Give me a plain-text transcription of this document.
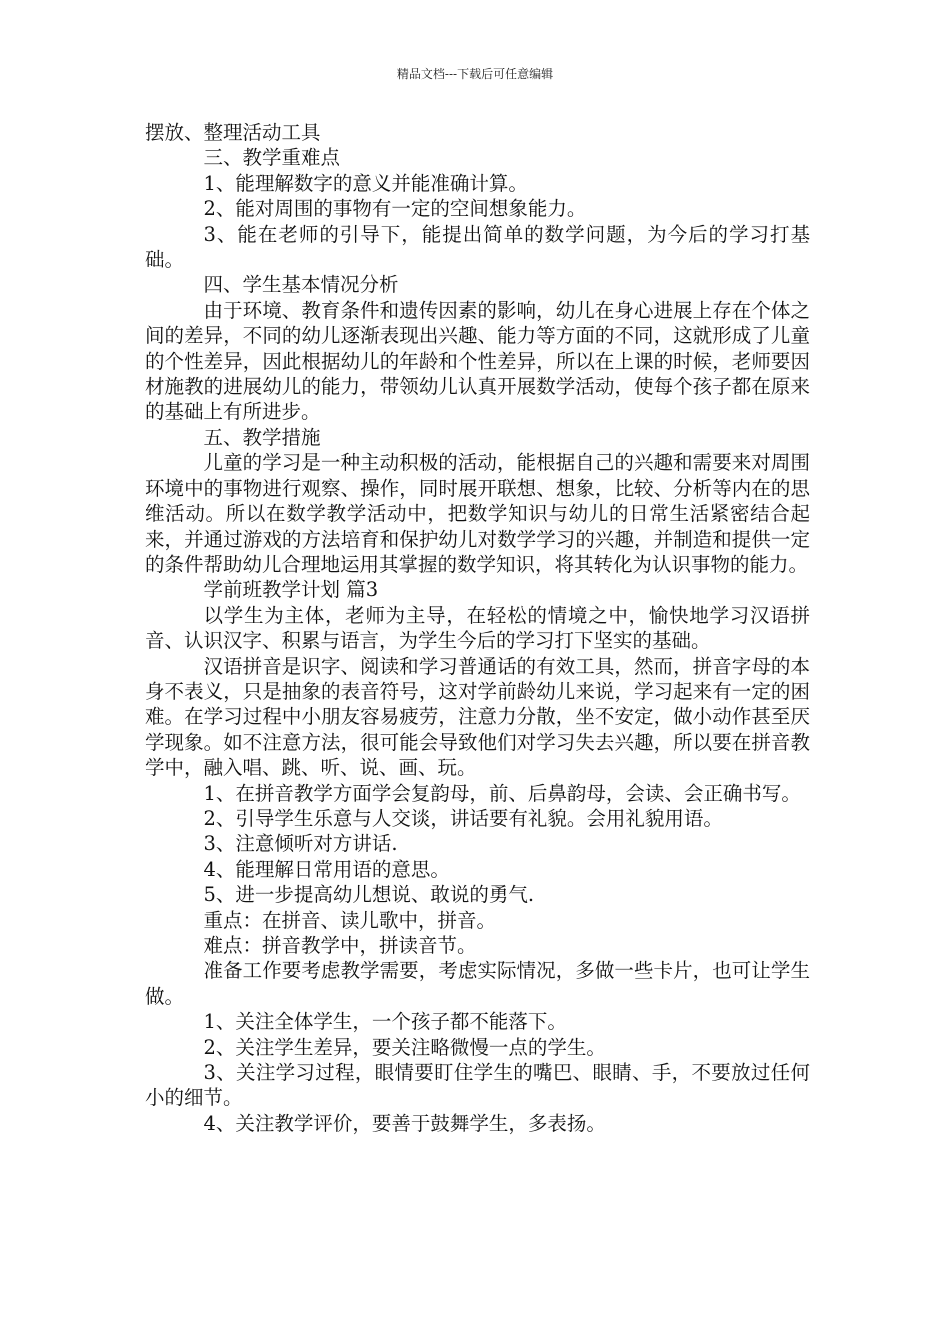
精品文档---下载后可任意编辑

摆放、整理活动工具

三、教学重难点

1、能理解数字的意义并能准确计算。

2、能对周围的事物有一定的空间想象能力。

3、能在老师的引导下，能提出简单的数学问题，为今后的学习打基础。

四、学生基本情况分析

由于环境、教育条件和遗传因素的影响，幼儿在身心进展上存在个体之间的差异，不同的幼儿逐渐表现出兴趣、能力等方面的不同，这就形成了儿童的个性差异，因此根据幼儿的年龄和个性差异，所以在上课的时候，老师要因材施教的进展幼儿的能力，带领幼儿认真开展数学活动，使每个孩子都在原来的基础上有所进步。

五、教学措施

儿童的学习是一种主动积极的活动，能根据自己的兴趣和需要来对周围环境中的事物进行观察、操作，同时展开联想、想象，比较、分析等内在的思维活动。所以在数学教学活动中，把数学知识与幼儿的日常生活紧密结合起来，并通过游戏的方法培育和保护幼儿对数学学习的兴趣，并制造和提供一定的条件帮助幼儿合理地运用其掌握的数学知识，将其转化为认识事物的能力。

学前班教学计划 篇3

以学生为主体，老师为主导，在轻松的情境之中，愉快地学习汉语拼音、认识汉字、积累与语言，为学生今后的学习打下坚实的基础。

汉语拼音是识字、阅读和学习普通话的有效工具，然而，拼音字母的本身不表义，只是抽象的表音符号，这对学前龄幼儿来说，学习起来有一定的困难。在学习过程中小朋友容易疲劳，注意力分散，坐不安定，做小动作甚至厌学现象。如不注意方法，很可能会导致他们对学习失去兴趣，所以要在拼音教学中，融入唱、跳、听、说、画、玩。

1、在拼音教学方面学会复韵母，前、后鼻韵母，会读、会正确书写。

2、引导学生乐意与人交谈，讲话要有礼貌。会用礼貌用语。

3、注意倾听对方讲话.

4、能理解日常用语的意思。

5、进一步提高幼儿想说、敢说的勇气.

重点：在拼音、读儿歌中，拼音。

难点：拼音教学中，拼读音节。

准备工作要考虑教学需要，考虑实际情况，多做一些卡片，也可让学生做。

1、关注全体学生，一个孩子都不能落下。

2、关注学生差异，要关注略微慢一点的学生。

3、关注学习过程，眼情要盯住学生的嘴巴、眼睛、手，不要放过任何小的细节。

4、关注教学评价，要善于鼓舞学生，多表扬。
